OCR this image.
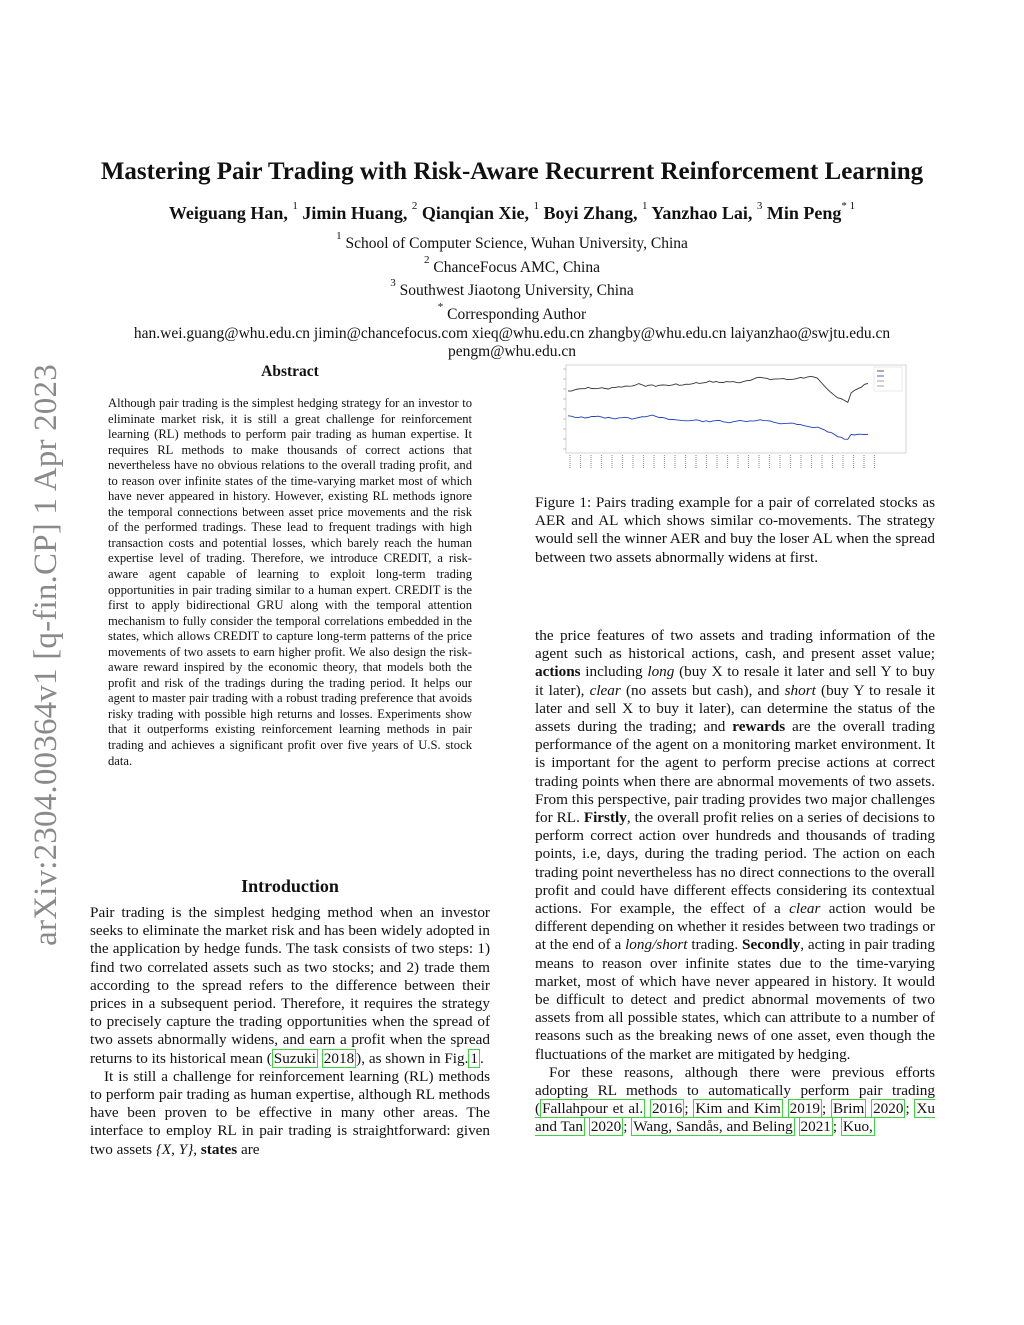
arXiv:2304.00364v1 [q-fin.CP] 1 Apr 2023
Mastering Pair Trading with Risk-Aware Recurrent Reinforcement Learning
Weiguang Han, $^1$ Jimin Huang, $^2$ Qianqian Xie, $^1$ Boyi Zhang, $^1$ Yanzhao Lai, $^3$ Min Peng$^{* 1}$
$^1$ School of Computer Science, Wuhan University, China
$^2$ ChanceFocus AMC, China
$^3$ Southwest Jiaotong University, China
* Corresponding Author
han.wei.guang@whu.edu.cn jimin@chancefocus.com xieq@whu.edu.cn zhangby@whu.edu.cn laiyanzhao@swjtu.edu.cn
pengm@whu.edu.cn
Abstract
Although pair trading is the simplest hedging strategy for an investor to eliminate market risk, it is still a great challenge for reinforcement learning (RL) methods to perform pair trading as human expertise. It requires RL methods to make thousands of correct actions that nevertheless have no obvious relations to the overall trading profit, and to reason over infinite states of the time-varying market most of which have never appeared in history. However, existing RL methods ignore the temporal connections between asset price movements and the risk of the performed tradings. These lead to frequent tradings with high transaction costs and potential losses, which barely reach the human expertise level of trading. Therefore, we introduce CREDIT, a risk-aware agent capable of learning to exploit long-term trading opportunities in pair trading similar to a human expert. CREDIT is the first to apply bidirectional GRU along with the temporal attention mechanism to fully consider the temporal correlations embedded in the states, which allows CREDIT to capture long-term patterns of the price movements of two assets to earn higher profit. We also design the risk-aware reward inspired by the economic theory, that models both the profit and risk of the tradings during the trading period. It helps our agent to master pair trading with a robust trading preference that avoids risky trading with possible high returns and losses. Experiments show that it outperforms existing reinforcement learning methods in pair trading and achieves a significant profit over five years of U.S. stock data.
Introduction

Pair trading is the simplest hedging method when an investor seeks to eliminate the market risk and has been widely adopted in the application by hedge funds. The task consists of two steps: 1) find two correlated assets such as two stocks; and 2) trade them according to the spread refers to the difference between their prices in a subsequent period. Therefore, it requires the strategy to precisely capture the trading opportunities when the spread of two assets abnormally widens, and earn a profit when the spread returns to its historical mean ( Suzuki 2018 ), as shown in Fig. 1 .

It is still a challenge for reinforcement learning (RL) methods to perform pair trading as human expertise, although RL methods have been proven to be effective in many other areas. The interface to employ RL in pair trading is straightforward: given two assets {X, Y}, states are

Figure 1: Pairs trading example for a pair of correlated stocks as AER and AL which shows similar co-movements. The strategy would sell the winner AER and buy the loser AL when the spread between two assets abnormally widens at first.

the price features of two assets and trading information of the agent such as historical actions, cash, and present asset value; actions including long (buy X to resale it later and sell Y to buy it later), clear (no assets but cash), and short (buy Y to resale it later and sell X to buy it later), can determine the status of the assets during the trading; and rewards are the overall trading performance of the agent on a monitoring market environment. It is important for the agent to perform precise actions at correct trading points when there are abnormal movements of two assets. From this perspective, pair trading provides two major challenges for RL. Firstly, the overall profit relies on a series of decisions to perform correct action over hundreds and thousands of trading points, i.e, days, during the trading period. The action on each trading point nevertheless has no direct connections to the overall profit and could have different effects considering its contextual actions. For example, the effect of a clear action would be different depending on whether it resides between two tradings or at the end of a long/short trading. Secondly, acting in pair trading means to reason over infinite states due to the time-varying market, most of which have never appeared in history. It would be difficult to detect and predict abnormal movements of two assets from all possible states, which can attribute to a number of reasons such as the breaking news of one asset, even though the fluctuations of the market are mitigated by hedging.

For these reasons, although there were previous efforts adopting RL methods to automatically perform pair trading ( Fallahpour et al. 2016 ; Kim and Kim 2019 ; Brim 2020 ; Xu and Tan 2020 ; Wang, Sandås, and Beling 2021 ; Kuo,
